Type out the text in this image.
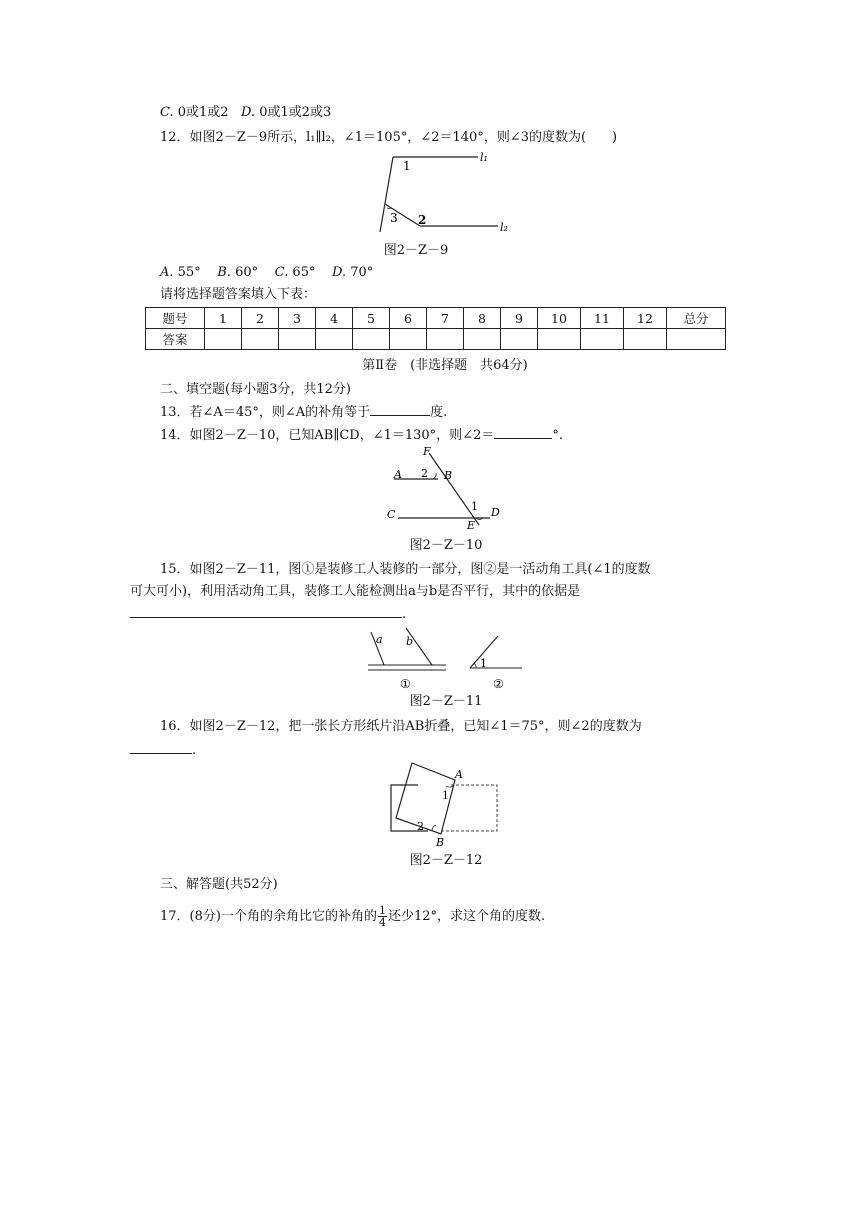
C. 0或1或2 D. 0或1或2或3
12．如图2－Z－9所示，l₁∥l₂，∠1＝105°，∠2＝140°，则∠3的度数为(　　)
1
3 2
l₁
l₂
图2－Z－9
A. 55° B. 60° C. 65° D. 70°
请将选择题答案填入下表：
题号	1	2	3	4	5	6	7	8	9	10	11	12	总分
答案													
第Ⅱ卷　(非选择题　共64分)
二、填空题(每小题3分，共12分)
13．若∠A＝45°，则∠A的补角等于	度.
14．如图2－Z－10，已知AB∥CD，∠1＝130°，则∠2＝	°.
F
A 2 B
C
1 D
E
图2－Z－10
15．如图2－Z－11，图①是装修工人装修的一部分，图②是一活动角工具(∠1的度数
可大可小)，利用活动角工具，装修工人能检测出a与b是否平行，其中的依据是
.
a b
1
①	②
图2－Z－11
16．如图2－Z－12，把一张长方形纸片沿AB折叠，已知∠1＝75°，则∠2的度数为
.
A
1
2
B
图2－Z－12
三、解答题(共52分)
17．(8分)一个角的余角比它的补角的 $\frac{1}{4}$ 还少12°，求这个角的度数.
